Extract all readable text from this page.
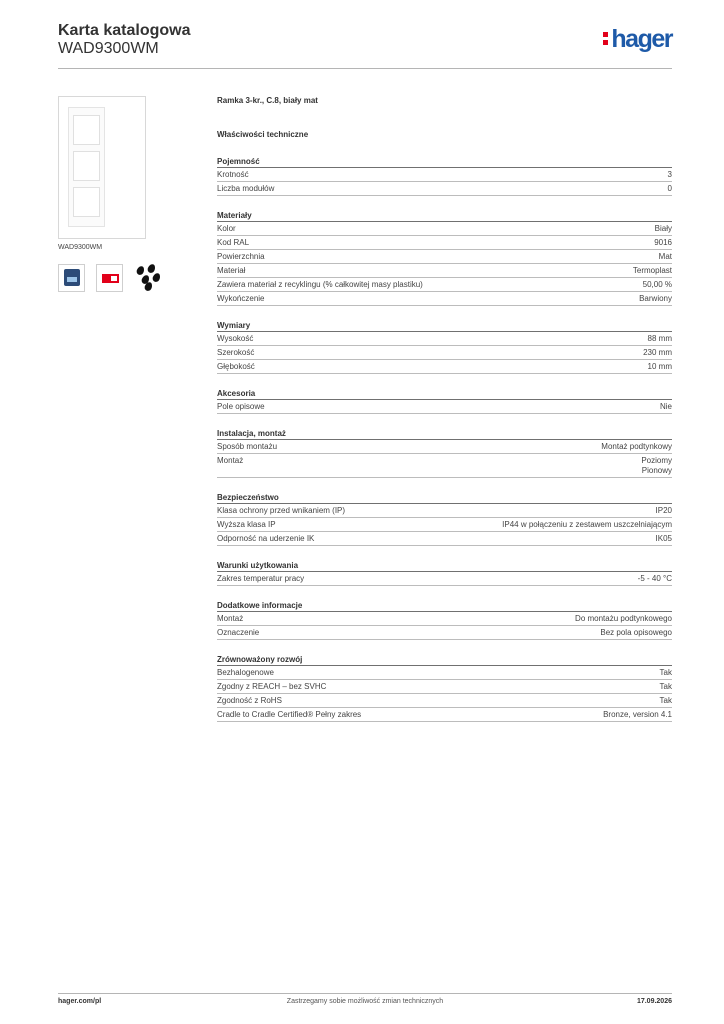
Karta katalogowa
WAD9300WM	hager
WAD9300WM
Ramka 3-kr., C.8, biały mat
Właściwości techniczne
Pojemność
Krotność	3
Liczba modułów	0
Materiały
Kolor	Biały
Kod RAL	9016
Powierzchnia	Mat
Materiał	Termoplast
Zawiera materiał z recyklingu (% całkowitej masy plastiku)	50,00 %
Wykończenie	Barwiony
Wymiary
Wysokość	88 mm
Szerokość	230 mm
Głębokość	10 mm
Akcesoria
Pole opisowe	Nie
Instalacja, montaż
Sposób montażu	Montaż podtynkowy
Montaż	Poziomy
Pionowy
Bezpieczeństwo
Klasa ochrony przed wnikaniem (IP)	IP20
Wyższa klasa IP	IP44 w połączeniu z zestawem uszczelniającym
Odporność na uderzenie IK	IK05
Warunki użytkowania
Zakres temperatur pracy	-5 - 40 °C
Dodatkowe informacje
Montaż	Do montażu podtynkowego
Oznaczenie	Bez pola opisowego
Zrównoważony rozwój
Bezhalogenowe	Tak
Zgodny z REACH – bez SVHC	Tak
Zgodność z RoHS	Tak
Cradle to Cradle Certified® Pełny zakres	Bronze, version 4.1
hager.com/pl	Zastrzegamy sobie możliwość zmian technicznych	17.09.2026
